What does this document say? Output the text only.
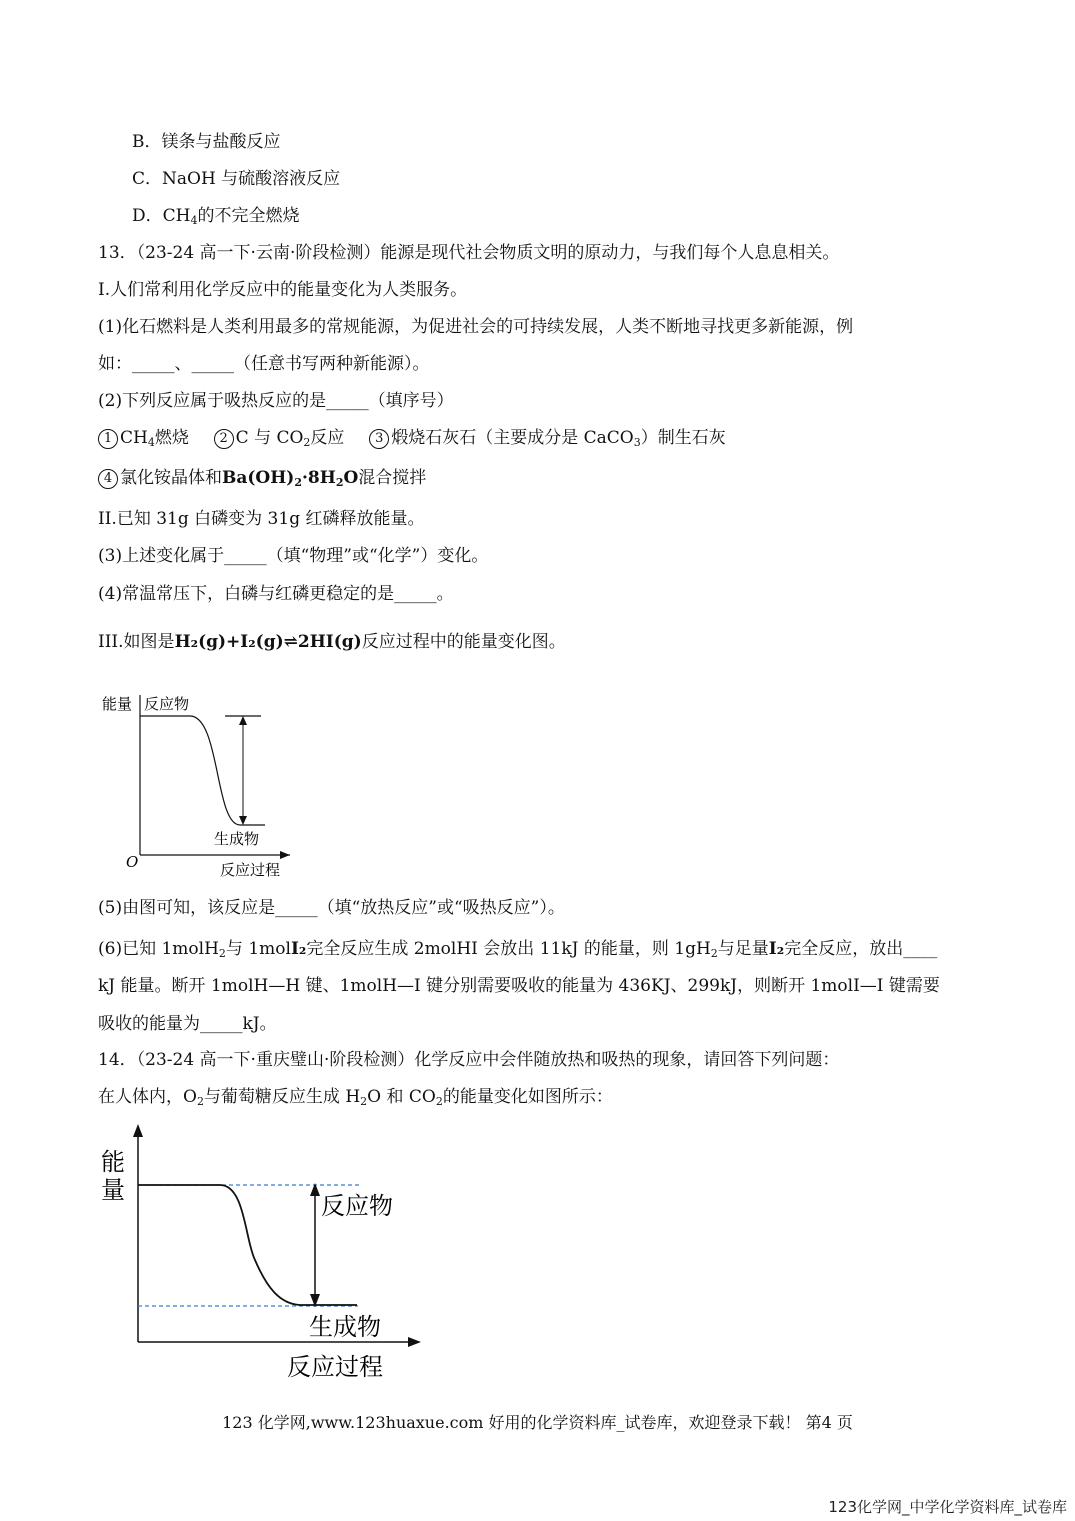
B．镁条与盐酸反应
C．NaOH 与硫酸溶液反应
D．$CH_4$的不完全燃烧
13．（23-24 高一下·云南·阶段检测）能源是现代社会物质文明的原动力，与我们每个人息息相关。
I.人们常利用化学反应中的能量变化为人类服务。
(1)化石燃料是人类利用最多的常规能源，为促进社会的可持续发展，人类不断地寻找更多新能源，例
如：_____、_____（任意书写两种新能源）。
(2)下列反应属于吸热反应的是_____（填序号）
1 $CH_4$燃烧 2 C 与 $CO_2$反应 3 煅烧石灰石（主要成分是 CaCO$_3$）制生石灰
4 氯化铵晶体和$Ba(OH)_2\cdot 8H_2O$混合搅拌
II.已知 31g 白磷变为 31g 红磷释放能量。
(3)上述变化属于_____（填“物理”或“化学”）变化。
(4)常温常压下，白磷与红磷更稳定的是_____。
III.如图是H₂(g)+I₂(g)⇌2HI(g)反应过程中的能量变化图。
能量 反应物
生成物
O	反应过程
(5)由图可知，该反应是_____（填“放热反应”或“吸热反应”）。
(6)已知 1molH$_2$与 1molI₂完全反应生成 2molHI 会放出 11kJ 的能量，则 $1gH_2$与足量I₂完全反应，放出____
kJ 能量。断开 1molH—H 键、1molH—I 键分别需要吸收的能量为 436KJ、299kJ，则断开 1molI—I 键需要
吸收的能量为_____kJ。
14．（23-24 高一下·重庆璧山·阶段检测）化学反应中会伴随放热和吸热的现象，请回答下列问题：
在人体内，$O_2$与葡萄糖反应生成 $H_2O$ 和 $CO_2$的能量变化如图所示：
能
量
反应物
生成物
反应过程
123 化学网,www.123huaxue.com 好用的化学资料库_试卷库，欢迎登录下载！ 第4 页
123化学网_中学化学资料库_试卷库
